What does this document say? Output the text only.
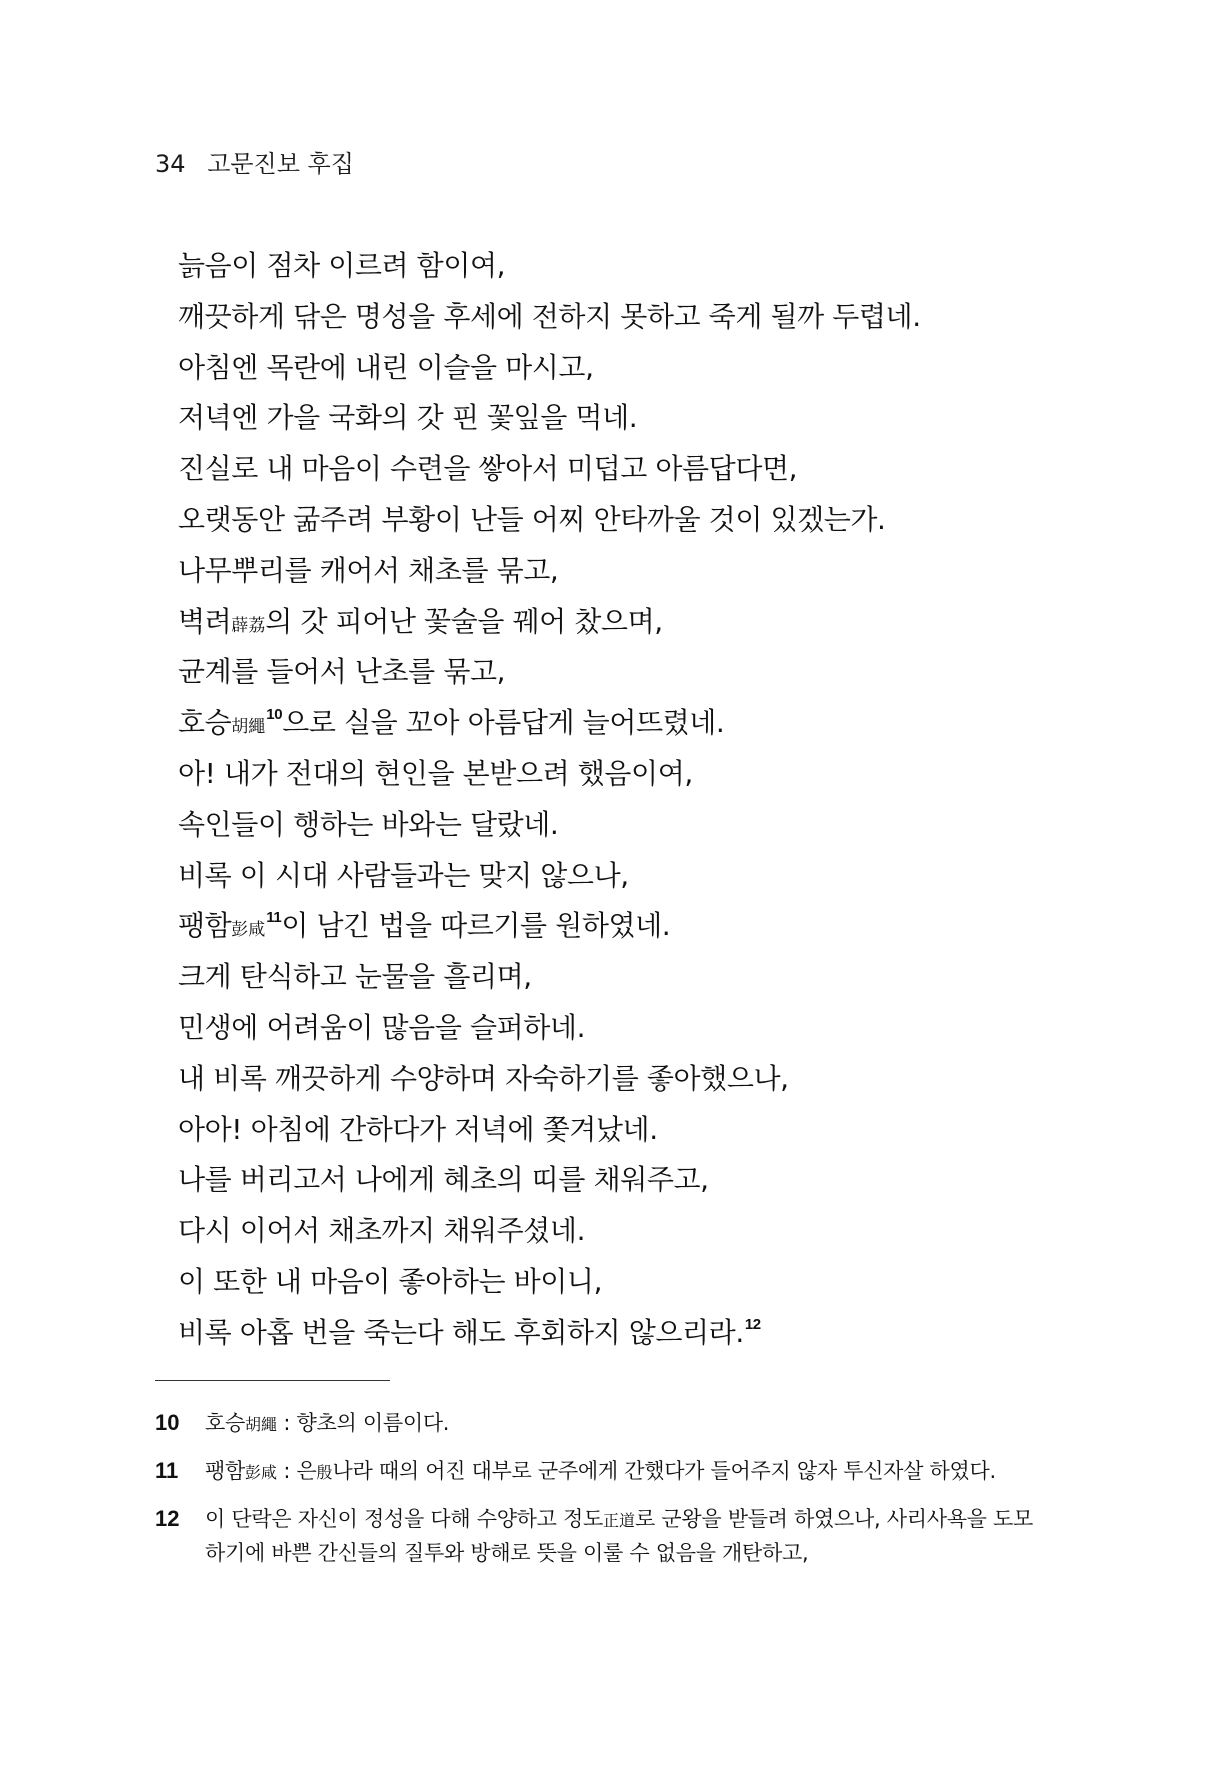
34 고문진보 후집
늙음이 점차 이르려 함이여,
깨끗하게 닦은 명성을 후세에 전하지 못하고 죽게 될까 두렵네.
아침엔 목란에 내린 이슬을 마시고,
저녁엔 가을 국화의 갓 핀 꽃잎을 먹네.
진실로 내 마음이 수련을 쌓아서 미덥고 아름답다면,
오랫동안 굶주려 부황이 난들 어찌 안타까울 것이 있겠는가.
나무뿌리를 캐어서 채초를 묶고,
벽려薜荔의 갓 피어난 꽃술을 꿰어 찼으며,
균계를 들어서 난초를 묶고,
호승胡繩$^{10}$으로 실을 꼬아 아름답게 늘어뜨렸네.
아! 내가 전대의 현인을 본받으려 했음이여,
속인들이 행하는 바와는 달랐네.
비록 이 시대 사람들과는 맞지 않으나,
팽함彭咸$^{11}$이 남긴 법을 따르기를 원하였네.
크게 탄식하고 눈물을 흘리며,
민생에 어려움이 많음을 슬퍼하네.
내 비록 깨끗하게 수양하며 자숙하기를 좋아했으나,
아아! 아침에 간하다가 저녁에 쫓겨났네.
나를 버리고서 나에게 혜초의 띠를 채워주고,
다시 이어서 채초까지 채워주셨네.
이 또한 내 마음이 좋아하는 바이니,
비록 아홉 번을 죽는다 해도 후회하지 않으리라.$^{12}$
10	호승胡繩 : 향초의 이름이다.
11	팽함彭咸 : 은殷나라 때의 어진 대부로 군주에게 간했다가 들어주지 않자 투신자살 하였다.
12	이 단락은 자신이 정성을 다해 수양하고 정도正道로 군왕을 받들려 하였으나, 사리사욕을 도모하기에 바쁜 간신들의 질투와 방해로 뜻을 이룰 수 없음을 개탄하고,
